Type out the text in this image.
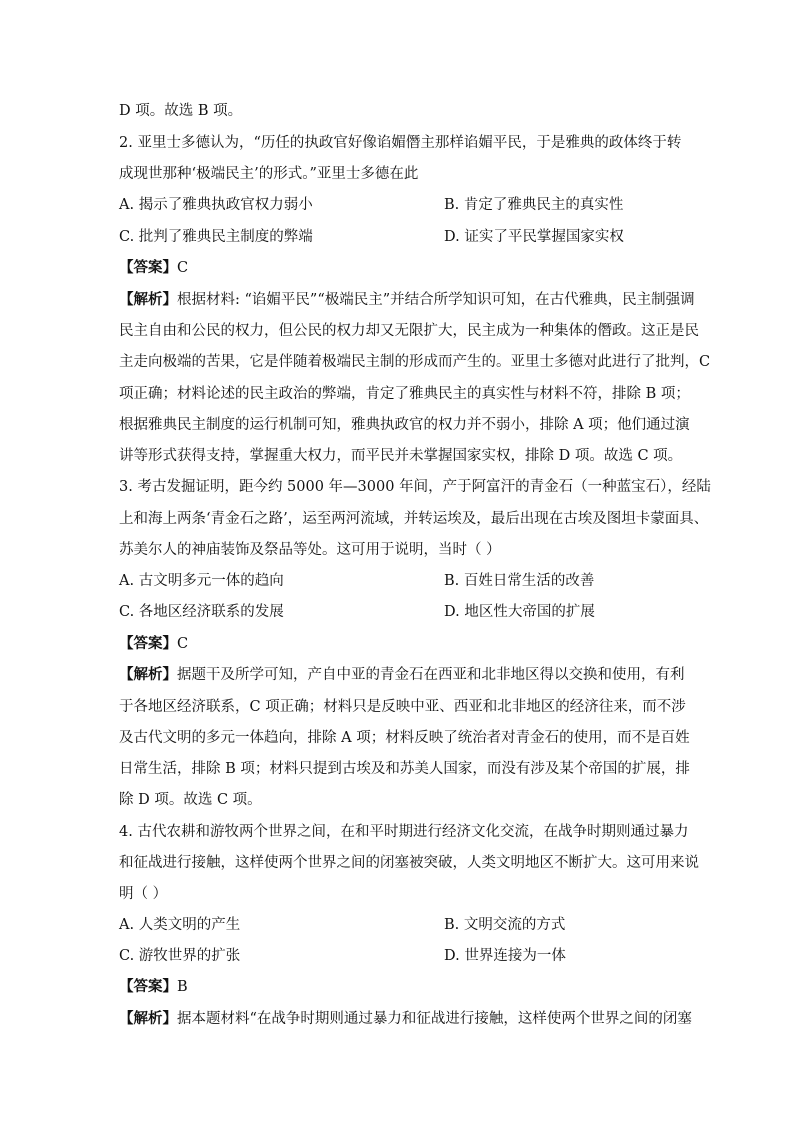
D 项。故选 B 项。
2. 亚里士多德认为，“历任的执政官好像谄媚僭主那样谄媚平民，于是雅典的政体终于转
成现世那种‘极端民主’的形式。”亚里士多德在此
A. 揭示了雅典执政官权力弱小	B. 肯定了雅典民主的真实性
C. 批判了雅典民主制度的弊端	D. 证实了平民掌握国家实权
【答案】C
【解析】根据材料: “谄媚平民”“极端民主”并结合所学知识可知，在古代雅典，民主制强调
民主自由和公民的权力，但公民的权力却又无限扩大，民主成为一种集体的僭政。这正是民
主走向极端的苦果，它是伴随着极端民主制的形成而产生的。亚里士多德对此进行了批判，C
项正确；材料论述的民主政治的弊端，肯定了雅典民主的真实性与材料不符，排除 B 项；
根据雅典民主制度的运行机制可知，雅典执政官的权力并不弱小，排除 A 项；他们通过演
讲等形式获得支持，掌握重大权力，而平民并未掌握国家实权，排除 D 项。故选 C 项。
3. 考古发掘证明，距今约 5000 年—3000 年间，产于阿富汗的青金石（一种蓝宝石），经陆
上和海上两条‘青金石之路’，运至两河流域，并转运埃及，最后出现在古埃及图坦卡蒙面具、
苏美尔人的神庙装饰及祭品等处。这可用于说明，当时（ ）
A. 古文明多元一体的趋向	B. 百姓日常生活的改善
C. 各地区经济联系的发展	D. 地区性大帝国的扩展
【答案】C
【解析】据题干及所学可知，产自中亚的青金石在西亚和北非地区得以交换和使用，有利
于各地区经济联系，C 项正确；材料只是反映中亚、西亚和北非地区的经济往来，而不涉
及古代文明的多元一体趋向，排除 A 项；材料反映了统治者对青金石的使用，而不是百姓
日常生活，排除 B 项；材料只提到古埃及和苏美人国家，而没有涉及某个帝国的扩展，排
除 D 项。故选 C 项。
4. 古代农耕和游牧两个世界之间，在和平时期进行经济文化交流，在战争时期则通过暴力
和征战进行接触，这样使两个世界之间的闭塞被突破，人类文明地区不断扩大。这可用来说
明（ ）
A. 人类文明的产生	B. 文明交流的方式
C. 游牧世界的扩张	D. 世界连接为一体
【答案】B
【解析】据本题材料“在战争时期则通过暴力和征战进行接触，这样使两个世界之间的闭塞
